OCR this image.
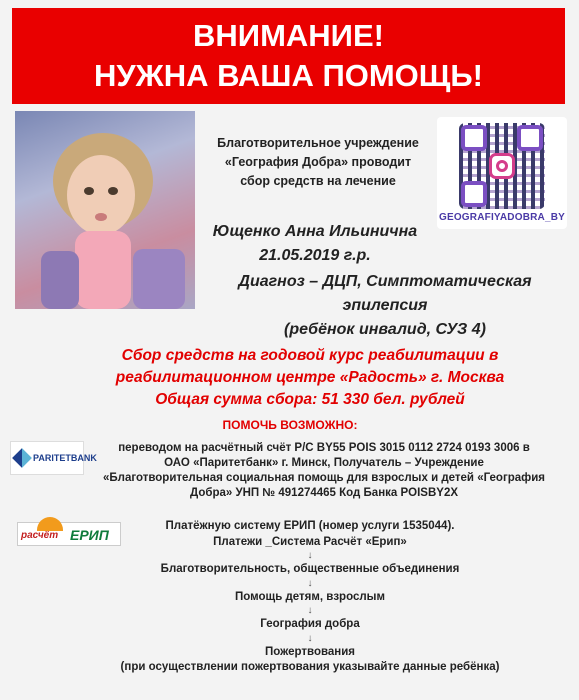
ВНИМАНИЕ!
НУЖНА ВАША ПОМОЩЬ!
GEOGRAFIYADOBRA_BY
Благотворительное учреждение
«География Добра» проводит
сбор средств на лечение
Ющенко Анна Ильинична
21.05.2019 г.р.
Диагноз – ДЦП, Симптоматическая
эпилепсия
(ребёнок инвалид, СУЗ 4)
Сбор средств на годовой курс реабилитации в
реабилитационном центре «Радость» г. Москва
Общая сумма сбора: 51 330 бел. рублей
ПОМОЧЬ ВОЗМОЖНО:
PARITETBANK
переводом на расчётный счёт Р/С BY55 POIS 3015 0112 2724 0193 3006 в
ОАО «Паритетбанк» г. Минск, Получатель – Учреждение
«Благотворительная социальная помощь для взрослых и детей «География
Добра» УНП № 491274465 Код Банка POISBY2X
расчёт ЕРИП
Платёжную систему ЕРИП (номер услуги 1535044).
Платежи _Система Расчёт «Ерип»
↓
Благотворительность, общественные объединения
↓
Помощь детям, взрослым
↓
География добра
↓
Пожертвования
(при осуществлении пожертвования указывайте данные ребёнка)
